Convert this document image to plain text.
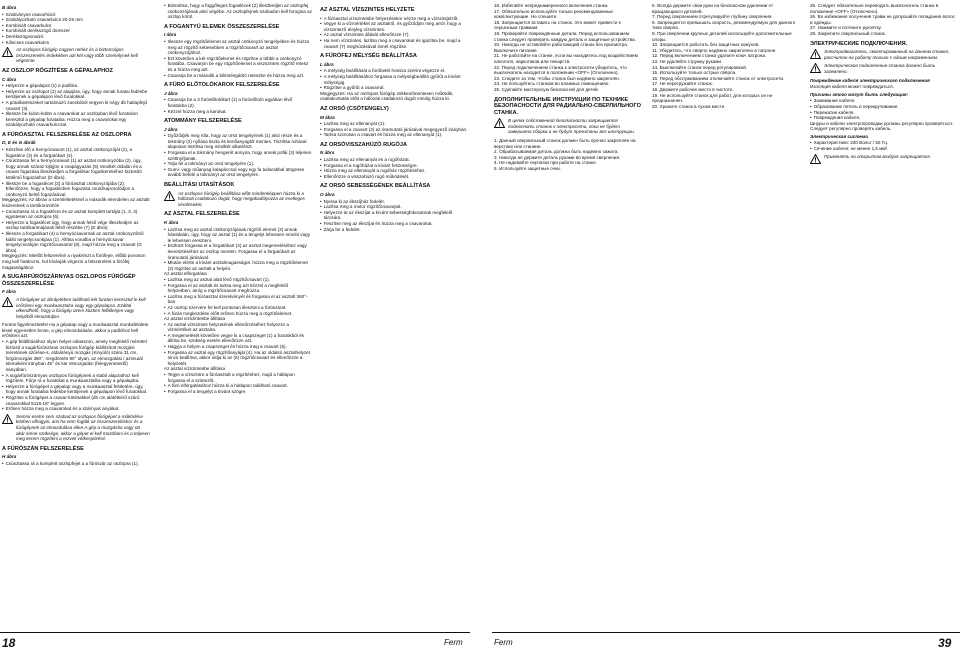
B ábra
• Szabványos csavarhúzó
• Szabályozható csavarkulcs 20-25 mm
• Kombinált csavarkulcs
• Kombinált derékszögű domszer
• Derékszögvonalzó
• Kilincses csavarkulcs
Az oszlopos fúrógép nagyon nehéz és a biztonságos összeszerelés érdekében azt két vagy több személynek kell végeznie.
AZ OSZLOP RÖGZÍTÉSE A GÉPALAPHOZ
C ábra
• Helyezze a gépalapot (1) a padlóra.
• Helyezze az oszlopot (2) az alapjára, úgy, hogy annak furatai fedésbe kerüljenek a gépalapon lévő furatokkal.
• A pótalkatrészeket tartalmazó zacskóból vegyen ki négy db hatlapfejű csavart (3).
• Illessze be kulon-külön a csavarokat az oszlopban lévő furatokon keresztül a gépalap furataiba. Húzza meg a csavarokat egy szabályozható csavarkulccsal.
A FÚRÓASZTAL FELSZERELÉSE AZ OSZLOPRA
D, E és G ábrák
• Készítse elő a hernyócsavart (1), az asztal csökonyzóját (2), a fogasléce (3) és a forgatókart (4).
• Csúsztassa fel a hernyócsavart (1) az asztal csökonyzóba (2), úgy, hogy annak száraz kijöjjön a csapágyazás (5) mindkét oldalán és a csavar fogazása illeszkedjen a forgatókar fogaskerekéhez biztosító kötélmű fogazáshoz (D ábra).
• Illessze be a fogaslécet (3) a fúróasztal csökonyzójába (2). Ellenőrizze, hogy a fogaslécben fogazása csúszkapcsolódjon a csökonyzó belső fogazásával.
Megjegyzés: Az ábrán a szemléltetésnél a második elrendelen az asztalt leszerelvek a tartókonzolról!
• Csúsztassa rá a fogaslécet és az asztal komplett tartóját (1, 3, 3) együtesen az oszlopra (6).
• Helyezze a fogaslécet úgy, hogy annak felső vége illeszkedjen az oszlop tartókarimájának felső részébe (7) (E ábra).
• Illessze a forgatókart (4) a hernyócsavarnak az asztal csökonyzóból kiálló tengelycsonkjára (1). Állítsa vonalba a hernyócsavar tengelycsonkján rögzítőcsavarral (8), majd húzza meg a csavart (G ábra).
Megjegyzés: Mielőtt felszerelné a nyakrészt a fúrófejre, előbb ponoson meg kell határozni, hol kívánják végezni a felszerelést a fúrófej magasságához.
A SUGÁRFÚRÓSZÁRNYAS OSZLOPOS FÚRÓGÉP ÖSSZESZERELÉSE
F ábra
A fúrógépet az ábrájetében található két furaton keresztül le kell erősíteni egy munkaasztalra vagy egy gépalapra. Ezáltal elkerülhető, hogy a fúrógép üzem közben felbillenjen vagy helyéből elmozduljon.
Fontos figyelmeztetés! Ha a gépalap vagy a munkaasztal munkafelülete kissé egyenetlen lenne, a gép elmozdulásán, akkor a padlóhoz kell erősíteni azt.
• A gép felállításához olyan helyet válasszon, amely megfelelő mérettel biztosít a sugárfúrószáras oszlopos fúrógép kiállósított mozgási méretének szűrése-s, oldalirányú mozgás (Kinyúló) szára 31 cm, forgómozgás 360°, megdöntés 90° olyan, az elmozgatási / azimutál elemeként irányban 45° és kar elmozgatási (felegyenesedő) irányában.
• A sugárfúrószárnyas oszlopos fúrógépnek a stabil alapzathoz kell rögzíteni. Fűrje rá a furatokat a munkaasztalba vagy a gépalapba.
• Helyezze a fúrógépet a gépalap vagy a munkaasztal felületére, úgy, hogy annak furataiba fedésbe kerüljenek a gépalapon lévő furatokkal.
• Rögzítse a fúrógépet a csavar-kötésekkel (db cm alátétkérű szárú csavarokkal 5116-18" legyen.
• Erősen húzza meg a csavarokat és a szárnyas anyákat.
Semmi esetre sem szabad az oszlopos fúrógépet a működése közben elhagyni, ami ha nem fogták az összeszereléskor és a fúrógépnek az elmozdulása ellen.A gép a mozgásba vagy ott akár lenne szüksége, akkor a gépet el kell mozdítani és a teljesen meg kerem rögzíteni a rezveli vétkesjelzésé.
A FÚRÓSZÁN FELSZERELÉSE
H ábra
• Csúsztassa rá a komplett oszlopfejet a a fúrószár az oszlopra (1).
• Biztosítsa, hogy a függőleges fogaslécek (2) illeszkedjen az oszlopfej csökonzójának alsó végébe. Az oszlopfejnek szabadon kell forognia az oszlop körül.
A FOGANTYÚ ELEMEK ÖSSZESZERELÉSE
I ábra
• Illessze egy rögzítőelemet az asztal csökonyzó tengelyében és húzza meg az rögzítő sebesebben a rögzítőcsavart az asztal csökonyzójához.
• Ezt követően a két rögzítőelemet és rögzítse a többit a csökonyzó furatába. Csavarjon be egy rögzítőelemet a viszszintes rögzítő retesz és a húzza meg azt.
• Csavarja be a második a biléntésgátító reteszbe és húzza meg azt.
A FÚRÓ ELŐTOLÓKAROK FELSZERELÉSE
J ábra
• Csavarja be a 3 fúróelőtolókart (1) a fúróelőtoló agyában lévő furatokba (2).
• Kézzel húzza meg a karokat.
ATOMMÁNY FELSZERELÉSE
J ábra
• Győződjék meg róla, hogy az orsó tengelyének (1) alsó része és a tokmány (2) nyílása tiszta és kenőanyagtól mentes. Tisztítsa ruhával alaposan tisztítsa meg mindkét alkatrészt.
• Forgassa el a tokmány hengerét annyira, hogy annak pofái (3) teljesen széttnyíljanak.
• Tolja fel a tokmányt az orsó tengelyére (1).
• Gumi- vagy műanyag kalapáccsal vagy egy fa tudarabbal ütögesse tovább befelé a tokmányt az orsó tengelyére.
BEÁLLÍTÁSI UTASÍTÁSOK
Az oszlopos fúrógép beállítása előtt mindenképpen húzza ki a hálózati csatlakozó dugót, hogy megakadályozza az esetleges sérüléseket.
AZ ASZTAL FELSZERELÉSE
K ábra
• Lazítsa meg az asztal csökonyzójának rögzítő elemét (2) annak hátoldalán, úgy, hogy az asztal (1) és a tengelyt lehessen emelni vagy le lehessen ereszteni.
• Eszközt forgassa el a forgatókart (4) az asztal megemeléséhez vagy leeresztéséhez az oszlop mentén. Forgassa el a forgatókart az óramutató járásával.
• Miután elérte a kívánt asztalmagasságot, húzza meg a rögzítőelemet (2) rögzítse az asztalt a helyén.
Az asztal elforgatása
• Lazítsa meg az asztal alatt lévő rögzítőcsavart (1).
• Forgassa el az asztalt és tartsa meg azt kézzel a megfelelő helyzetben, amíg a rögzítőcsavart meghúzza.
• Lazítsa meg a fúróasztal szerelvényét és forgassa el az asztalt 360°-ban.
• Az oszlop szervére fel kell pontosan illeszteni a fúrószárat.
• A fúrás megkezdése előtt erősen húzza meg a rögzítőelemet.
Az asztal vízszintesbe állítása
• Az asztal vízszintes helyzetének ellenőrzéséhez helyezze a vízmértéket az asztalra.
• A megemelését követően vegye ki a csapszeget (1) a furatokból és állítsa be, szükség esetén ellenőrizze azt.
• Hagyja a helyen a csapszeget és húzza meg a csavart (5).
• Forgassa az asztal egy rögzítőanyáját (4). Ha az oldalsó asztalhelyzet nincs beállítva, akkor oldja ki az (5) rögzítőcsavart és ellenőrizze a helyzetét.
Az asztal vízszintesbe állítása
• Tegye a vízszintre a fúróasztalt a rögzítéshez, majd a hátlapon forgassa el a szintezőt.
• A fúró elforgatásához húzza ki a hátlapon található csavart.
• Forgassa el a tengelyt a kívánt szögre.
AZ ASZTAL VÍZSZINTES HELYZETE
• A fúróasztal vízszintesbe helyezésekor nézze meg a vízszintjelzőt.
• Vegye ki a vízmértéket az asztalról, és győződjön meg arról, hogy a vízszintező tényleg vízszintes.
• Az asztal vízszintes állását ellenőrizze (7).
• Ha nem vízszintes, lazítsa meg a csavarokat és igazítsa be, majd a csavart (7) meghúzásával ismét rögzítse.
A FÚRÓFEJ MÉLYSÉG BEÁLLÍTÁSA
L ábra
• A mélység beállítását a fúróbetét hossza szerint végezze el.
• A mélység beállításához forgassa a mélységbeállító gyűrűt a kívánt mélységig.
• Rögzítse a gyűrűt a csavarral.
Megjegyzés: Ha az oszlopos fúrógép zökkenőmentesen működik, csatlakoztatás előtt a hálózati csatlakozó dugót mindig húzza ki.
AZ ORSÓ (CSÖTENGELY)
M ábra
• Lazítsa meg az ellenanyát (1).
• Forgassa el a csavart (2) az óramutató járásával megegyező irányban.
• Tartsa szorosan a csavart és húzza meg az ellenanyát (1).
AZ ORSÓVISSZAHÚZÓ RUGÓJA
N ábra
• Lazítsa meg az ellenanyát és a rugóházat.
• Forgassa el a rugóházat a kívánt feszességre.
• Húzza meg az ellenanyát a rugóház rögzítéséhez.
• Ellenőrizze a visszahúzó rugó működését.
AZ ORSÓ SEBESSÉGÉNEK BEÁLLÍTÁSA
O ábra
• Nyissa ki az ékszíjház fedelét.
• Lazítsa meg a motor rögzítőcsavarjait.
• Helyezze át az ékszíjat a kívánt sebességfokozatnak megfelelő tárcsára.
• Feszítse meg az ékszíjat és húzza meg a csavarokat.
• Zárja be a fedelet.
18	Ferm
16. Избегайте непреднамеренного включения станка.
17. Обязательно используйте только рекомендованные комплектующие. Не спешите.
18. Запрещается вставать на станок. Это может привести к серьезным травмам.
19. Проверяйте повреждённые детали. Перед использованием станка следует проверить каждую деталь и защитные устройства.
20. Никогда не оставляйте работающий станок без присмотра. Выключите питание.
21. Не работайте на станке, если вы находитесь под воздействием алкоголя, наркотиков или лекарств.
22. Перед подключением станка к электросети убедитесь, что выключатель находится в положении «OFF» (Отключено).
23. Следите за тем, чтобы станок был надёжно закреплён.
24. Не пользуйтесь станком во влажных помещениях.
25. Сделайте мастерскую безопасной для детей.
ДОПОЛНИТЕЛЬНЫЕ ИНСТРУКЦИИ ПО ТЕХНИКЕ БЕЗОПАСНОСТИ ДЛЯ РАДИАЛЬНО-СВЕРЛИЛЬНОГО СТАНКА.
В целях собственной безопасности запрещается подключать станок к электросети, пока не будет завершена сборка и не будут прочитаны все инструкции.
1. Данный сверлильный станок должен быть прочно закреплён на верстаке или станине.
2. Обрабатываемая деталь должна быть надёжно зажата.
3. Никогда не держите деталь руками во время сверления.
4. Не надевайте перчатки при работе на станке.
5. Используйте защитные очки.
6. Всегда держите свои руки на безопасном удалении от вращающихся деталей.
7. Перед сверлением отрегулируйте глубину сверления.
8. Запрещается превышать скорость, рекомендуемую для данного типа сверла.
9. При сверлении крупных деталей используйте дополнительные опоры.
10. Запрещается работать без защитных кожухов.
11. Убедитесь, что сверло надёжно закреплено в патроне.
12. Перед включением станка удалите ключ патрона.
13. Не удаляйте стружку руками.
14. Выключайте станок перед регулировкой.
15. Используйте только острые свёрла.
16. Перед обслуживанием отключайте станок от электросети.
17. Не перегружайте станок.
18. Держите рабочее место в чистоте.
19. Не используйте станок для работ, для которых он не предназначен.
20. Храните станок в сухом месте.
25. Следует обязательно переводить выключатель станка в положение «OFF» (Отключено).
26. Во избежание получения травм не допускайте попадания волос и одежды.
27. Нажмите и потяните рукоятку.
28. Закрепите сверлильный станок.
ЭЛЕКТРИЧЕСКИЕ ПОДКЛЮЧЕНИЯ.
Электродвигатель, смонтированный на данном станке, рассчитан на работу только с одним напряжением.
Электрическое подключение станка должно быть заземлено.
Повреждение кабеля электрического подключения
Изоляция кабеля может повреждаться.
Причины этого могут быть следующие:
• Зажимание кабеля.
• Образование петель и перекручивание.
• Пережатие кабеля.
• Повреждения кабеля.
Шнуры и кабели электропроводки должны регулярно проверяться.
Следует регулярно проверять кабель.
Электрическая система
• Характеристики: 230 Вольт / 50 Гц.
• Сечение кабеля: не менее 1,5 мм².
Применять на открытом воздухе запрещается.
Ferm	39
